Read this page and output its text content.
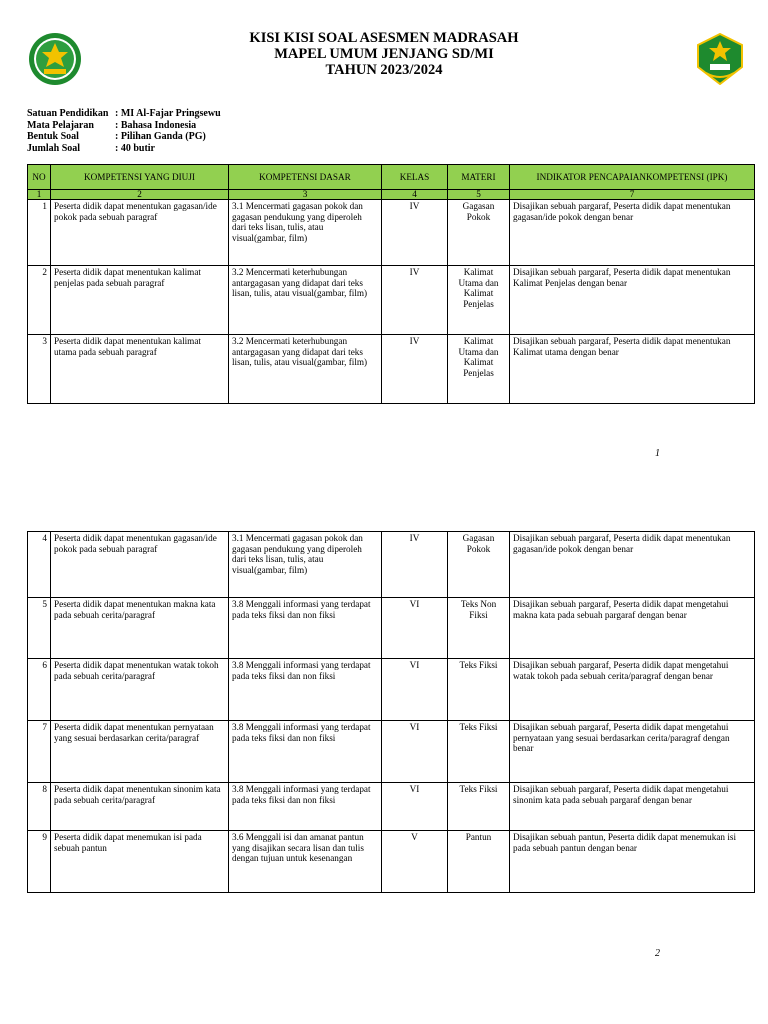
KISI KISI SOAL ASESMEN MADRASAH
MAPEL UMUM JENJANG SD/MI
TAHUN 2023/2024
Satuan Pendidikan : MI Al-Fajar Pringsewu
Mata Pelajaran	: Bahasa Indonesia
Bentuk Soal	: Pilihan Ganda (PG)
Jumlah Soal	: 40 butir
NO	KOMPETENSI YANG DIUJI	KOMPETENSI DASAR	KELAS	MATERI	INDIKATOR PENCAPAIANKOMPETENSI (IPK)
1	2	3	4	5	7
1	Peserta didik dapat menentukan gagasan/ide pokok pada sebuah paragraf	3.1 Mencermati gagasan pokok dan gagasan pendukung yang diperoleh dari teks lisan, tulis, atau visual(gambar, film)	IV	Gagasan Pokok	Disajikan sebuah pargaraf, Peserta didik dapat menentukan gagasan/ide pokok dengan benar
2	Peserta didik dapat menentukan kalimat penjelas pada sebuah paragraf	3.2 Mencermati keterhubungan antargagasan yang didapat dari teks lisan, tulis, atau visual(gambar, film)	IV	Kalimat Utama dan Kalimat Penjelas	Disajikan sebuah pargaraf, Peserta didik dapat menentukan Kalimat Penjelas dengan benar
3	Peserta didik dapat menentukan kalimat utama pada sebuah paragraf	3.2 Mencermati keterhubungan antargagasan yang didapat dari teks lisan, tulis, atau visual(gambar, film)	IV	Kalimat Utama dan Kalimat Penjelas	Disajikan sebuah pargaraf, Peserta didik dapat menentukan Kalimat utama dengan benar
1
4	Peserta didik dapat menentukan gagasan/ide pokok pada sebuah paragraf	3.1 Mencermati gagasan pokok dan gagasan pendukung yang diperoleh dari teks lisan, tulis, atau visual(gambar, film)	IV	Gagasan Pokok	Disajikan sebuah pargaraf, Peserta didik dapat menentukan gagasan/ide pokok dengan benar
5	Peserta didik dapat menentukan makna kata pada sebuah cerita/paragraf	3.8 Menggali informasi yang terdapat pada teks fiksi dan non fiksi	VI	Teks Non Fiksi	Disajikan sebuah pargaraf, Peserta didik dapat mengetahui makna kata pada sebuah pargaraf dengan benar
6	Peserta didik dapat menentukan watak tokoh pada sebuah cerita/paragraf	3.8 Menggali informasi yang terdapat pada teks fiksi dan non fiksi	VI	Teks Fiksi	Disajikan sebuah pargaraf, Peserta didik dapat mengetahui watak tokoh pada sebuah cerita/paragraf dengan benar
7	Peserta didik dapat menentukan pernyataan yang sesuai berdasarkan cerita/paragraf	3.8 Menggali informasi yang terdapat pada teks fiksi dan non fiksi	VI	Teks Fiksi	Disajikan sebuah pargaraf, Peserta didik dapat mengetahui pernyataan yang sesuai berdasarkan cerita/paragraf dengan benar
8	Peserta didik dapat menentukan sinonim kata pada sebuah cerita/paragraf	3.8 Menggali informasi yang terdapat pada teks fiksi dan non fiksi	VI	Teks Fiksi	Disajikan sebuah pargaraf, Peserta didik dapat mengetahui sinonim kata pada sebuah pargaraf dengan benar
9	Peserta didik dapat menemukan isi pada sebuah pantun	3.6 Menggali isi dan amanat pantun yang disajikan secara lisan dan tulis dengan tujuan untuk kesenangan	V	Pantun	Disajikan sebuah pantun, Peserta didik dapat menemukan isi pada sebuah pantun dengan benar
2
